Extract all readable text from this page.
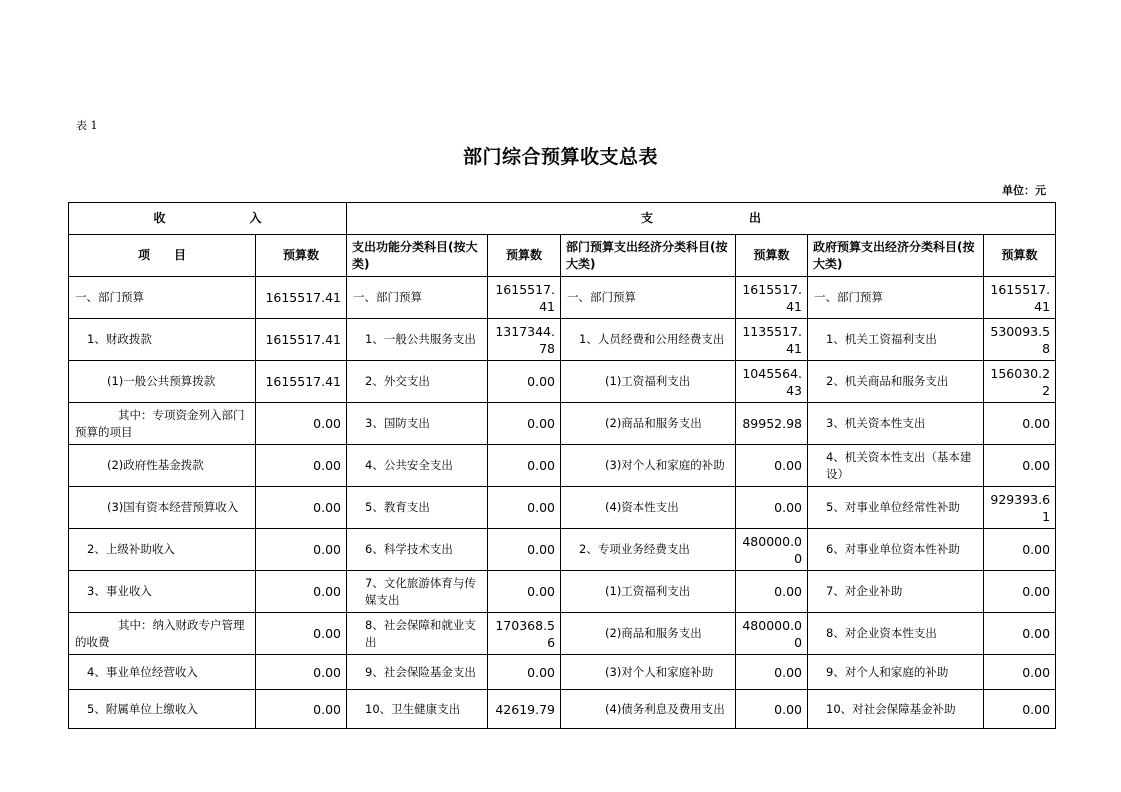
表 1
部门综合预算收支总表
单位：元
收　　　　　　　入		支　　　　　　　　出					
项　　目	预算数	支出功能分类科目(按大类)	预算数	部门预算支出经济分类科目(按大类)	预算数	政府预算支出经济分类科目(按大类)	预算数
一、部门预算	1615517.41	一、部门预算	1615517.41	一、部门预算	1615517.41	一、部门预算	1615517.41
1、财政拨款	1615517.41	1、一般公共服务支出	1317344.78	1、人员经费和公用经费支出	1135517.41	1、机关工资福利支出	530093.58
(1)一般公共预算拨款	1615517.41	2、外交支出	0.00	(1)工资福利支出	1045564.43	2、机关商品和服务支出	156030.22
其中：专项资金列入部门预算的项目	0.00	3、国防支出	0.00	(2)商品和服务支出	89952.98	3、机关资本性支出	0.00
(2)政府性基金拨款	0.00	4、公共安全支出	0.00	(3)对个人和家庭的补助	0.00	4、机关资本性支出（基本建设）	0.00
(3)国有资本经营预算收入	0.00	5、教育支出	0.00	(4)资本性支出	0.00	5、对事业单位经常性补助	929393.61
2、上级补助收入	0.00	6、科学技术支出	0.00	2、专项业务经费支出	480000.00	6、对事业单位资本性补助	0.00
3、事业收入	0.00	7、文化旅游体育与传媒支出	0.00	(1)工资福利支出	0.00	7、对企业补助	0.00
其中：纳入财政专户管理的收费	0.00	8、社会保障和就业支出	170368.56	(2)商品和服务支出	480000.00	8、对企业资本性支出	0.00
4、事业单位经营收入	0.00	9、社会保险基金支出	0.00	(3)对个人和家庭补助	0.00	9、对个人和家庭的补助	0.00
5、附属单位上缴收入	0.00	10、卫生健康支出	42619.79	(4)债务利息及费用支出	0.00	10、对社会保障基金补助	0.00
